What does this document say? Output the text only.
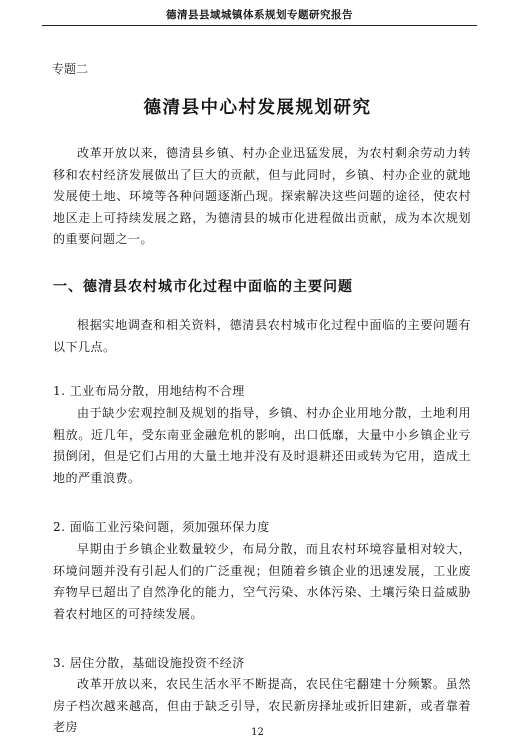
德清县县域城镇体系规划专题研究报告
专题二
德清县中心村发展规划研究

改革开放以来，德清县乡镇、村办企业迅猛发展，为农村剩余劳动力转移和农村经济发展做出了巨大的贡献，但与此同时，乡镇、村办企业的就地发展使土地、环境等各种问题逐渐凸现。探索解决这些问题的途径，使农村地区走上可持续发展之路，为德清县的城市化进程做出贡献，成为本次规划的重要问题之一。

一、德清县农村城市化过程中面临的主要问题

根据实地调查和相关资料，德清县农村城市化过程中面临的主要问题有以下几点。

1. 工业布局分散，用地结构不合理

由于缺少宏观控制及规划的指导，乡镇、村办企业用地分散，土地利用粗放。近几年，受东南亚金融危机的影响，出口低靡，大量中小乡镇企业亏损倒闭，但是它们占用的大量土地并没有及时退耕还田或转为它用，造成土地的严重浪费。

2. 面临工业污染问题，须加强环保力度

早期由于乡镇企业数量较少，布局分散，而且农村环境容量相对较大，环境问题并没有引起人们的广泛重视；但随着乡镇企业的迅速发展，工业废弃物早已超出了自然净化的能力，空气污染、水体污染、土壤污染日益威胁着农村地区的可持续发展。

3. 居住分散，基础设施投资不经济

改革开放以来，农民生活水平不断提高，农民住宅翻建十分频繁。虽然房子档次越来越高，但由于缺乏引导，农民新房择址或折旧建新，或者靠着老房	12
